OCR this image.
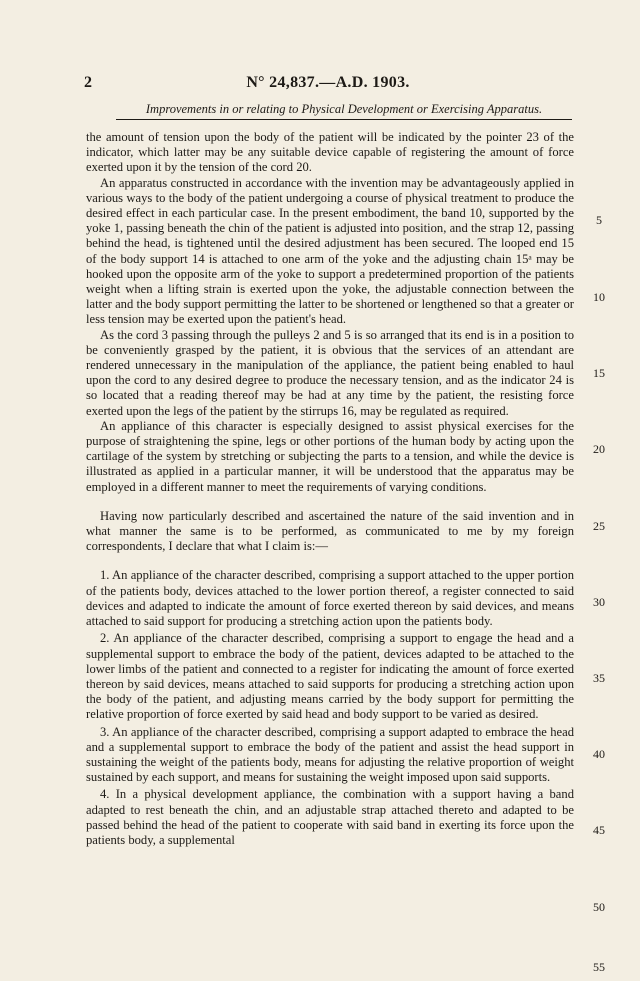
2	N° 24,837.—A.D. 1903.
Improvements in or relating to Physical Development or Exercising Apparatus.

the amount of tension upon the body of the patient will be indicated by the pointer 23 of the indicator, which latter may be any suitable device capable of registering the amount of force exerted upon it by the tension of the cord 20.

An apparatus constructed in accordance with the invention may be advantageously applied in various ways to the body of the patient undergoing a course of physical treatment to produce the desired effect in each particular case. In the present embodiment, the band 10, supported by the yoke 1, passing beneath the chin of the patient is adjusted into position, and the strap 12, passing behind the head, is tightened until the desired adjustment has been secured. The looped end 15 of the body support 14 is attached to one arm of the yoke and the adjusting chain 15ᵃ may be hooked upon the opposite arm of the yoke to support a predetermined proportion of the patients weight when a lifting strain is exerted upon the yoke, the adjustable connection between the latter and the body support permitting the latter to be shortened or lengthened so that a greater or less tension may be exerted upon the patient's head.

As the cord 3 passing through the pulleys 2 and 5 is so arranged that its end is in a position to be conveniently grasped by the patient, it is obvious that the services of an attendant are rendered unnecessary in the manipulation of the appliance, the patient being enabled to haul upon the cord to any desired degree to produce the necessary tension, and as the indicator 24 is so located that a reading thereof may be had at any time by the patient, the resisting force exerted upon the legs of the patient by the stirrups 16, may be regulated as required.

An appliance of this character is especially designed to assist physical exercises for the purpose of straightening the spine, legs or other portions of the human body by acting upon the cartilage of the system by stretching or subjecting the parts to a tension, and while the device is illustrated as applied in a particular manner, it will be understood that the apparatus may be employed in a different manner to meet the requirements of varying conditions.

Having now particularly described and ascertained the nature of the said invention and in what manner the same is to be performed, as communicated to me by my foreign correspondents, I declare that what I claim is:—

1. An appliance of the character described, comprising a support attached to the upper portion of the patients body, devices attached to the lower portion thereof, a register connected to said devices and adapted to indicate the amount of force exerted thereon by said devices, and means attached to said support for producing a stretching action upon the patients body.

2. An appliance of the character described, comprising a support to engage the head and a supplemental support to embrace the body of the patient, devices adapted to be attached to the lower limbs of the patient and connected to a register for indicating the amount of force exerted thereon by said devices, means attached to said supports for producing a stretching action upon the body of the patient, and adjusting means carried by the body support for permitting the relative proportion of force exerted by said head and body support to be varied as desired.

3. An appliance of the character described, comprising a support adapted to embrace the head and a supplemental support to embrace the body of the patient and assist the head support in sustaining the weight of the patients body, means for adjusting the relative proportion of weight sustained by each support, and means for sustaining the weight imposed upon said supports.

4. In a physical development appliance, the combination with a support having a band adapted to rest beneath the chin, and an adjustable strap attached thereto and adapted to be passed behind the head of the patient to cooperate with said band in exerting its force upon the patients body, a supplemental

5
10
15
20
25
30
35
40
45
50
55
